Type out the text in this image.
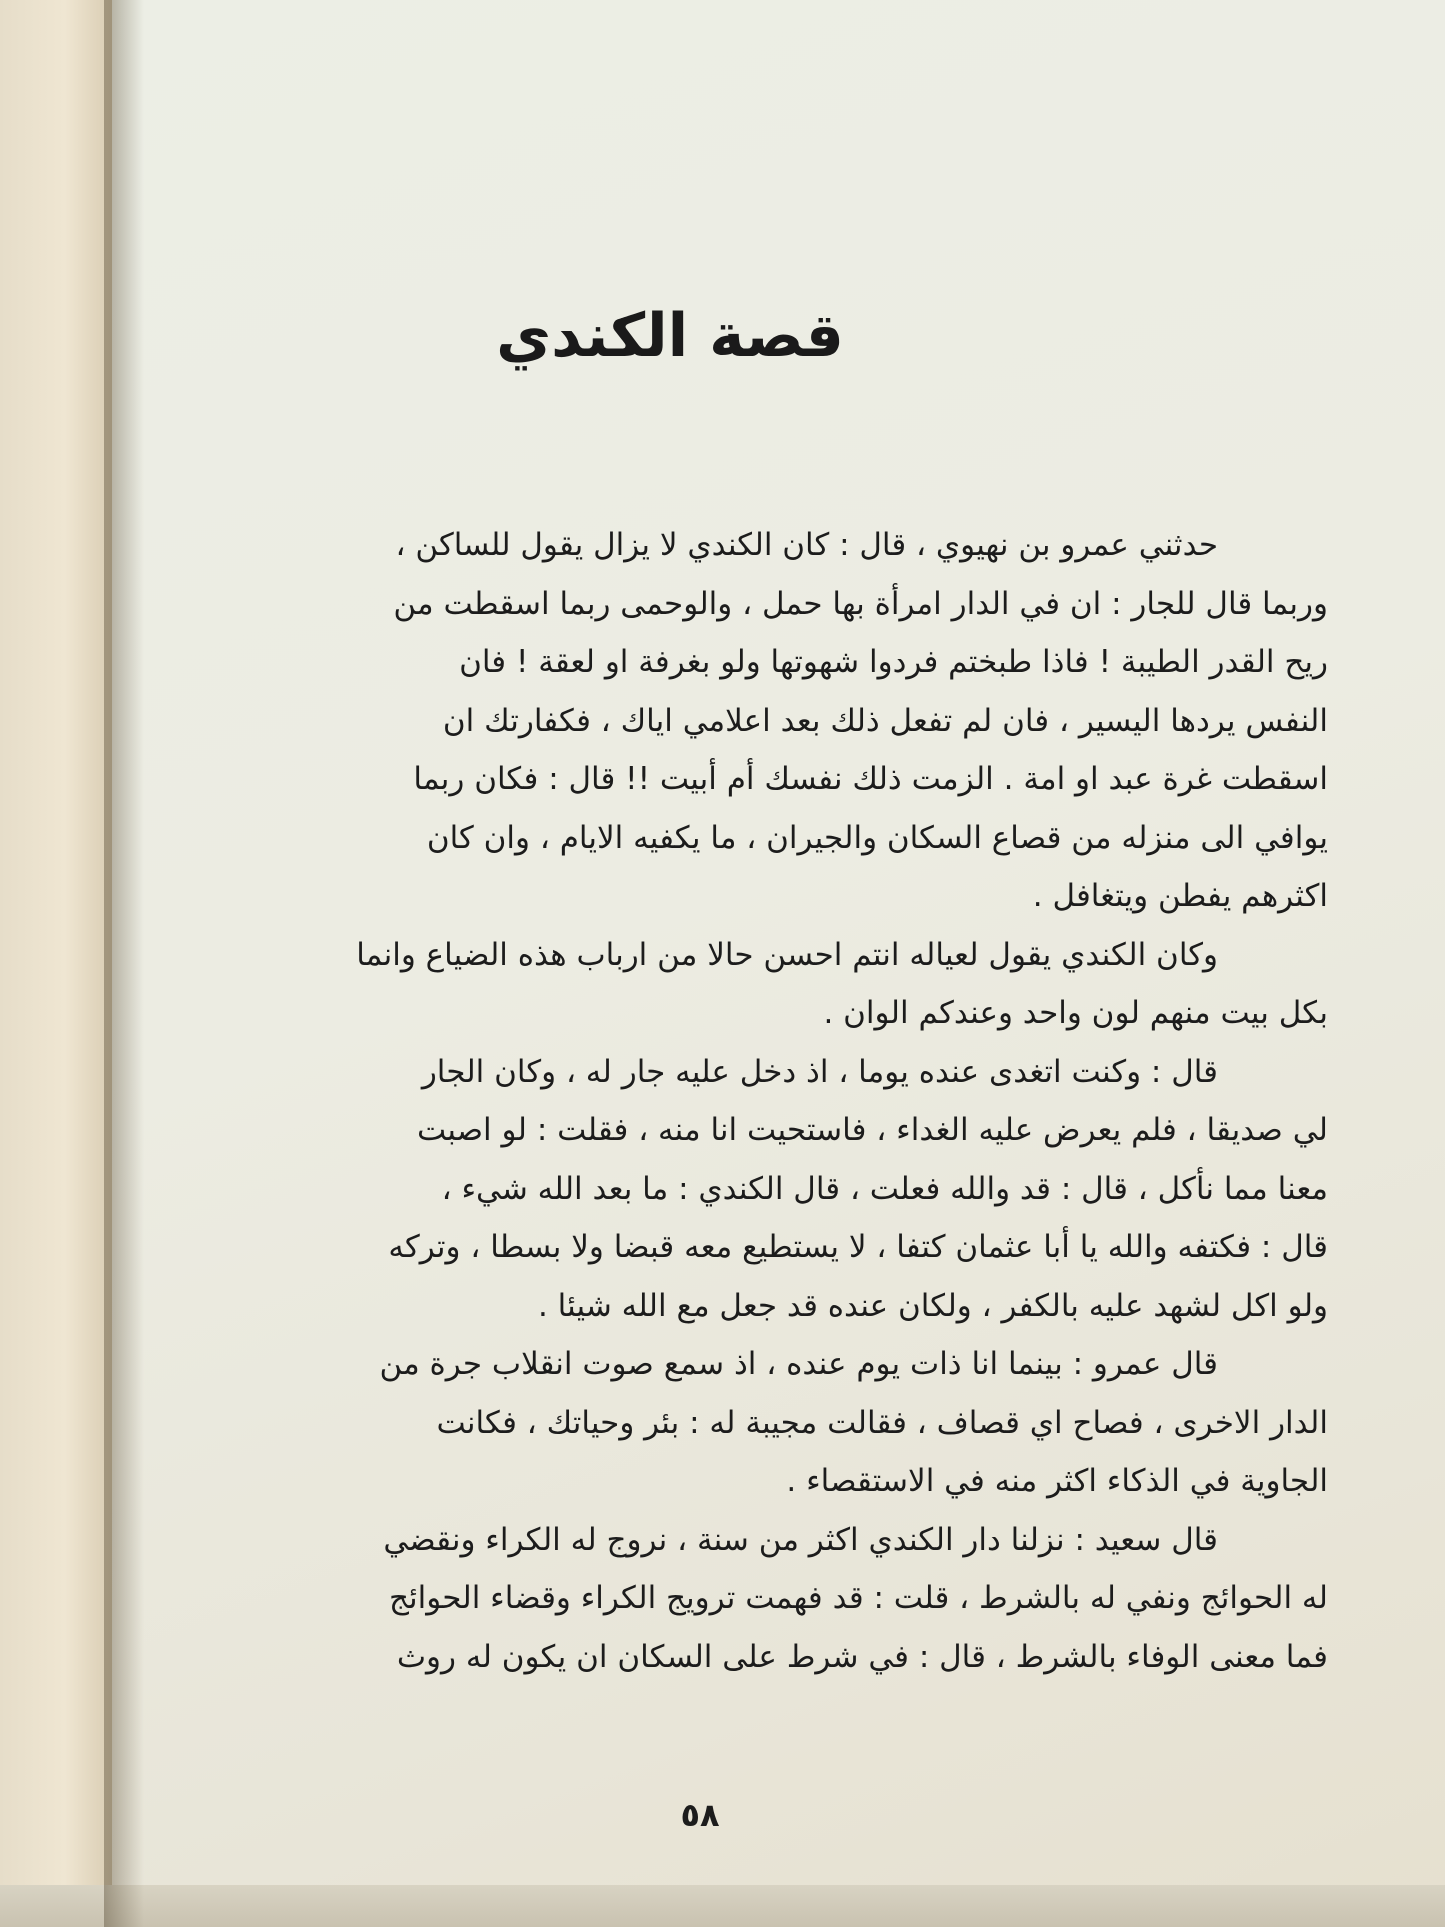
قصة الكندي
حدثني عمرو بن نهيوي ، قال : كان الكندي لا يزال يقول للساكن ،
وربما قال للجار : ان في الدار امرأة بها حمل ، والوحمى ربما اسقطت من
ريح القدر الطيبة ! فاذا طبختم فردوا شهوتها ولو بغرفة او لعقة ! فان
النفس يردها اليسير ، فان لم تفعل ذلك بعد اعلامي اياك ، فكفارتك ان
اسقطت غرة عبد او امة . الزمت ذلك نفسك أم أبيت !! قال : فكان ربما
يوافي الى منزله من قصاع السكان والجيران ، ما يكفيه الايام ، وان كان
اكثرهم يفطن ويتغافل .
وكان الكندي يقول لعياله انتم احسن حالا من ارباب هذه الضياع وانما
بكل بيت منهم لون واحد وعندكم الوان .
قال : وكنت اتغدى عنده يوما ، اذ دخل عليه جار له ، وكان الجار
لي صديقا ، فلم يعرض عليه الغداء ، فاستحيت انا منه ، فقلت : لو اصبت
معنا مما نأكل ، قال : قد والله فعلت ، قال الكندي : ما بعد الله شيء ،
قال : فكتفه والله يا أبا عثمان كتفا ، لا يستطيع معه قبضا ولا بسطا ، وتركه
ولو اكل لشهد عليه بالكفر ، ولكان عنده قد جعل مع الله شيئا .
قال عمرو : بينما انا ذات يوم عنده ، اذ سمع صوت انقلاب جرة من
الدار الاخرى ، فصاح اي قصاف ، فقالت مجيبة له : بئر وحياتك ، فكانت
الجاوية في الذكاء اكثر منه في الاستقصاء .
قال سعيد : نزلنا دار الكندي اكثر من سنة ، نروج له الكراء ونقضي
له الحوائج ونفي له بالشرط ، قلت : قد فهمت ترويج الكراء وقضاء الحوائج
فما معنى الوفاء بالشرط ، قال : في شرط على السكان ان يكون له روث
٥٨
